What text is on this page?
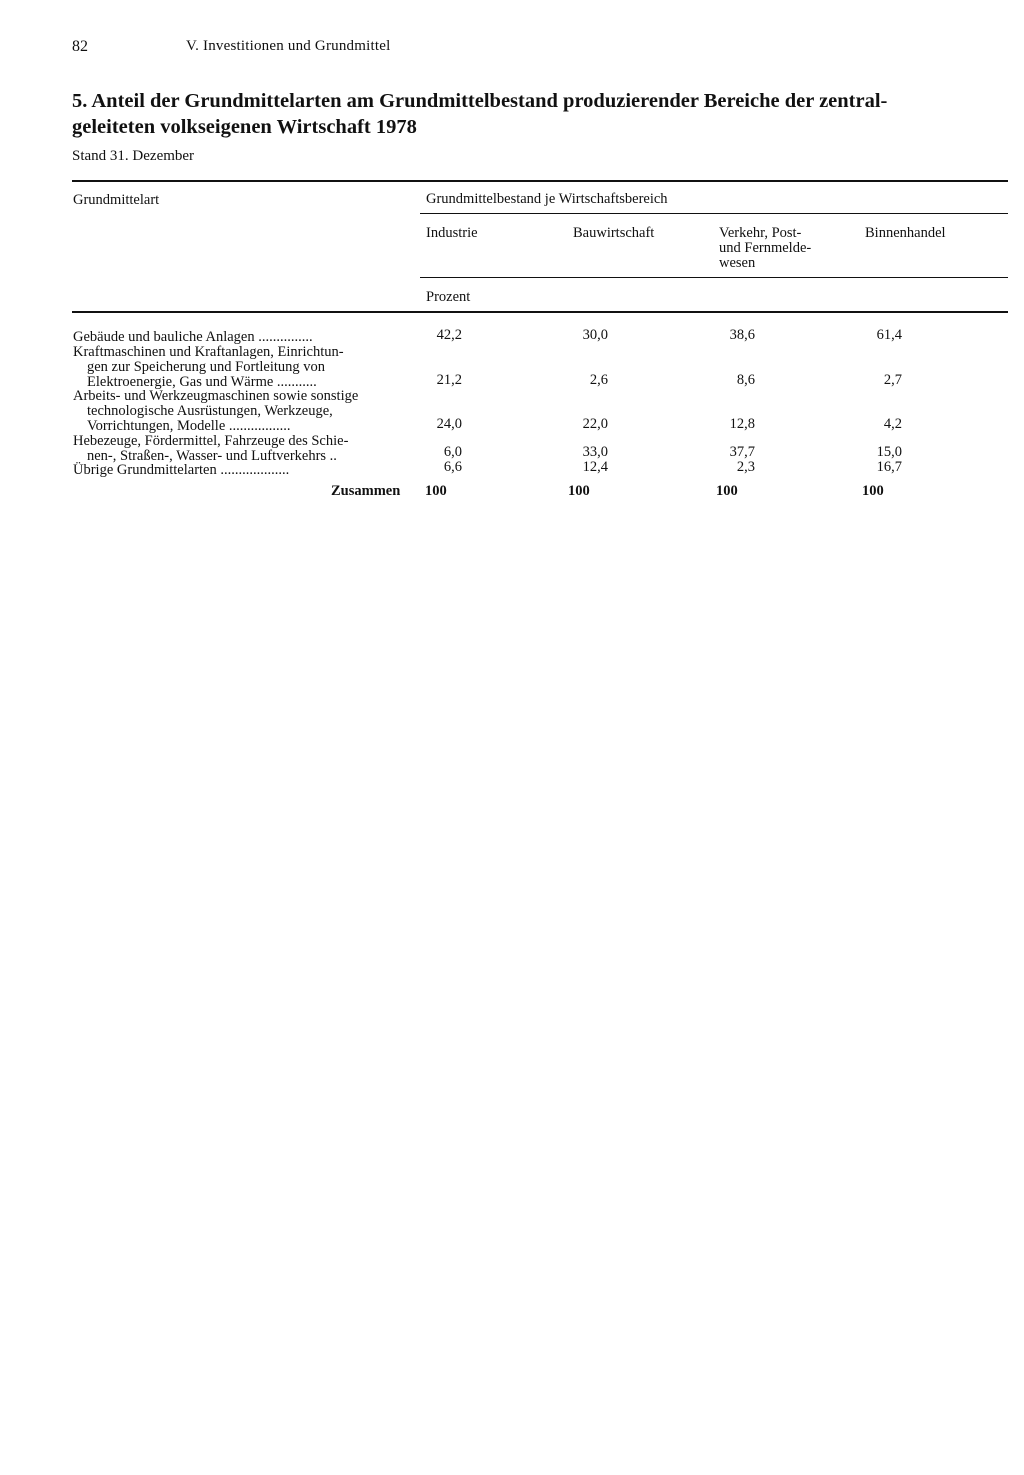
82	V. Investitionen und Grundmittel
5. Anteil der Grundmittelarten am Grundmittelbestand produzierender Bereiche der zentral-
geleiteten volkseigenen Wirtschaft 1978
Stand 31. Dezember
Grundmittelart	Grundmittelbestand je Wirtschaftsbereich
Industrie	Bauwirtschaft	Verkehr, Post-
und Fernmelde-
wesen
Binnenhandel
Prozent
Gebäude und bauliche Anlagen ...............	42,2	30,0	38,6	61,4
Kraftmaschinen und Kraftanlagen, Einrichtun-
gen zur Speicherung und Fortleitung von
Elektroenergie, Gas und Wärme ...........	21,2	2,6	8,6	2,7
Arbeits- und Werkzeugmaschinen sowie sonstige
technologische Ausrüstungen, Werkzeuge,
Vorrichtungen, Modelle .................	24,0	22,0	12,8	4,2
Hebezeuge, Fördermittel, Fahrzeuge des Schie-
nen-, Straßen-, Wasser- und Luftverkehrs ..	6,0	33,0	37,7	15,0
Übrige Grundmittelarten ...................	6,6	12,4	2,3	16,7
Zusammen 100	100	100	100
